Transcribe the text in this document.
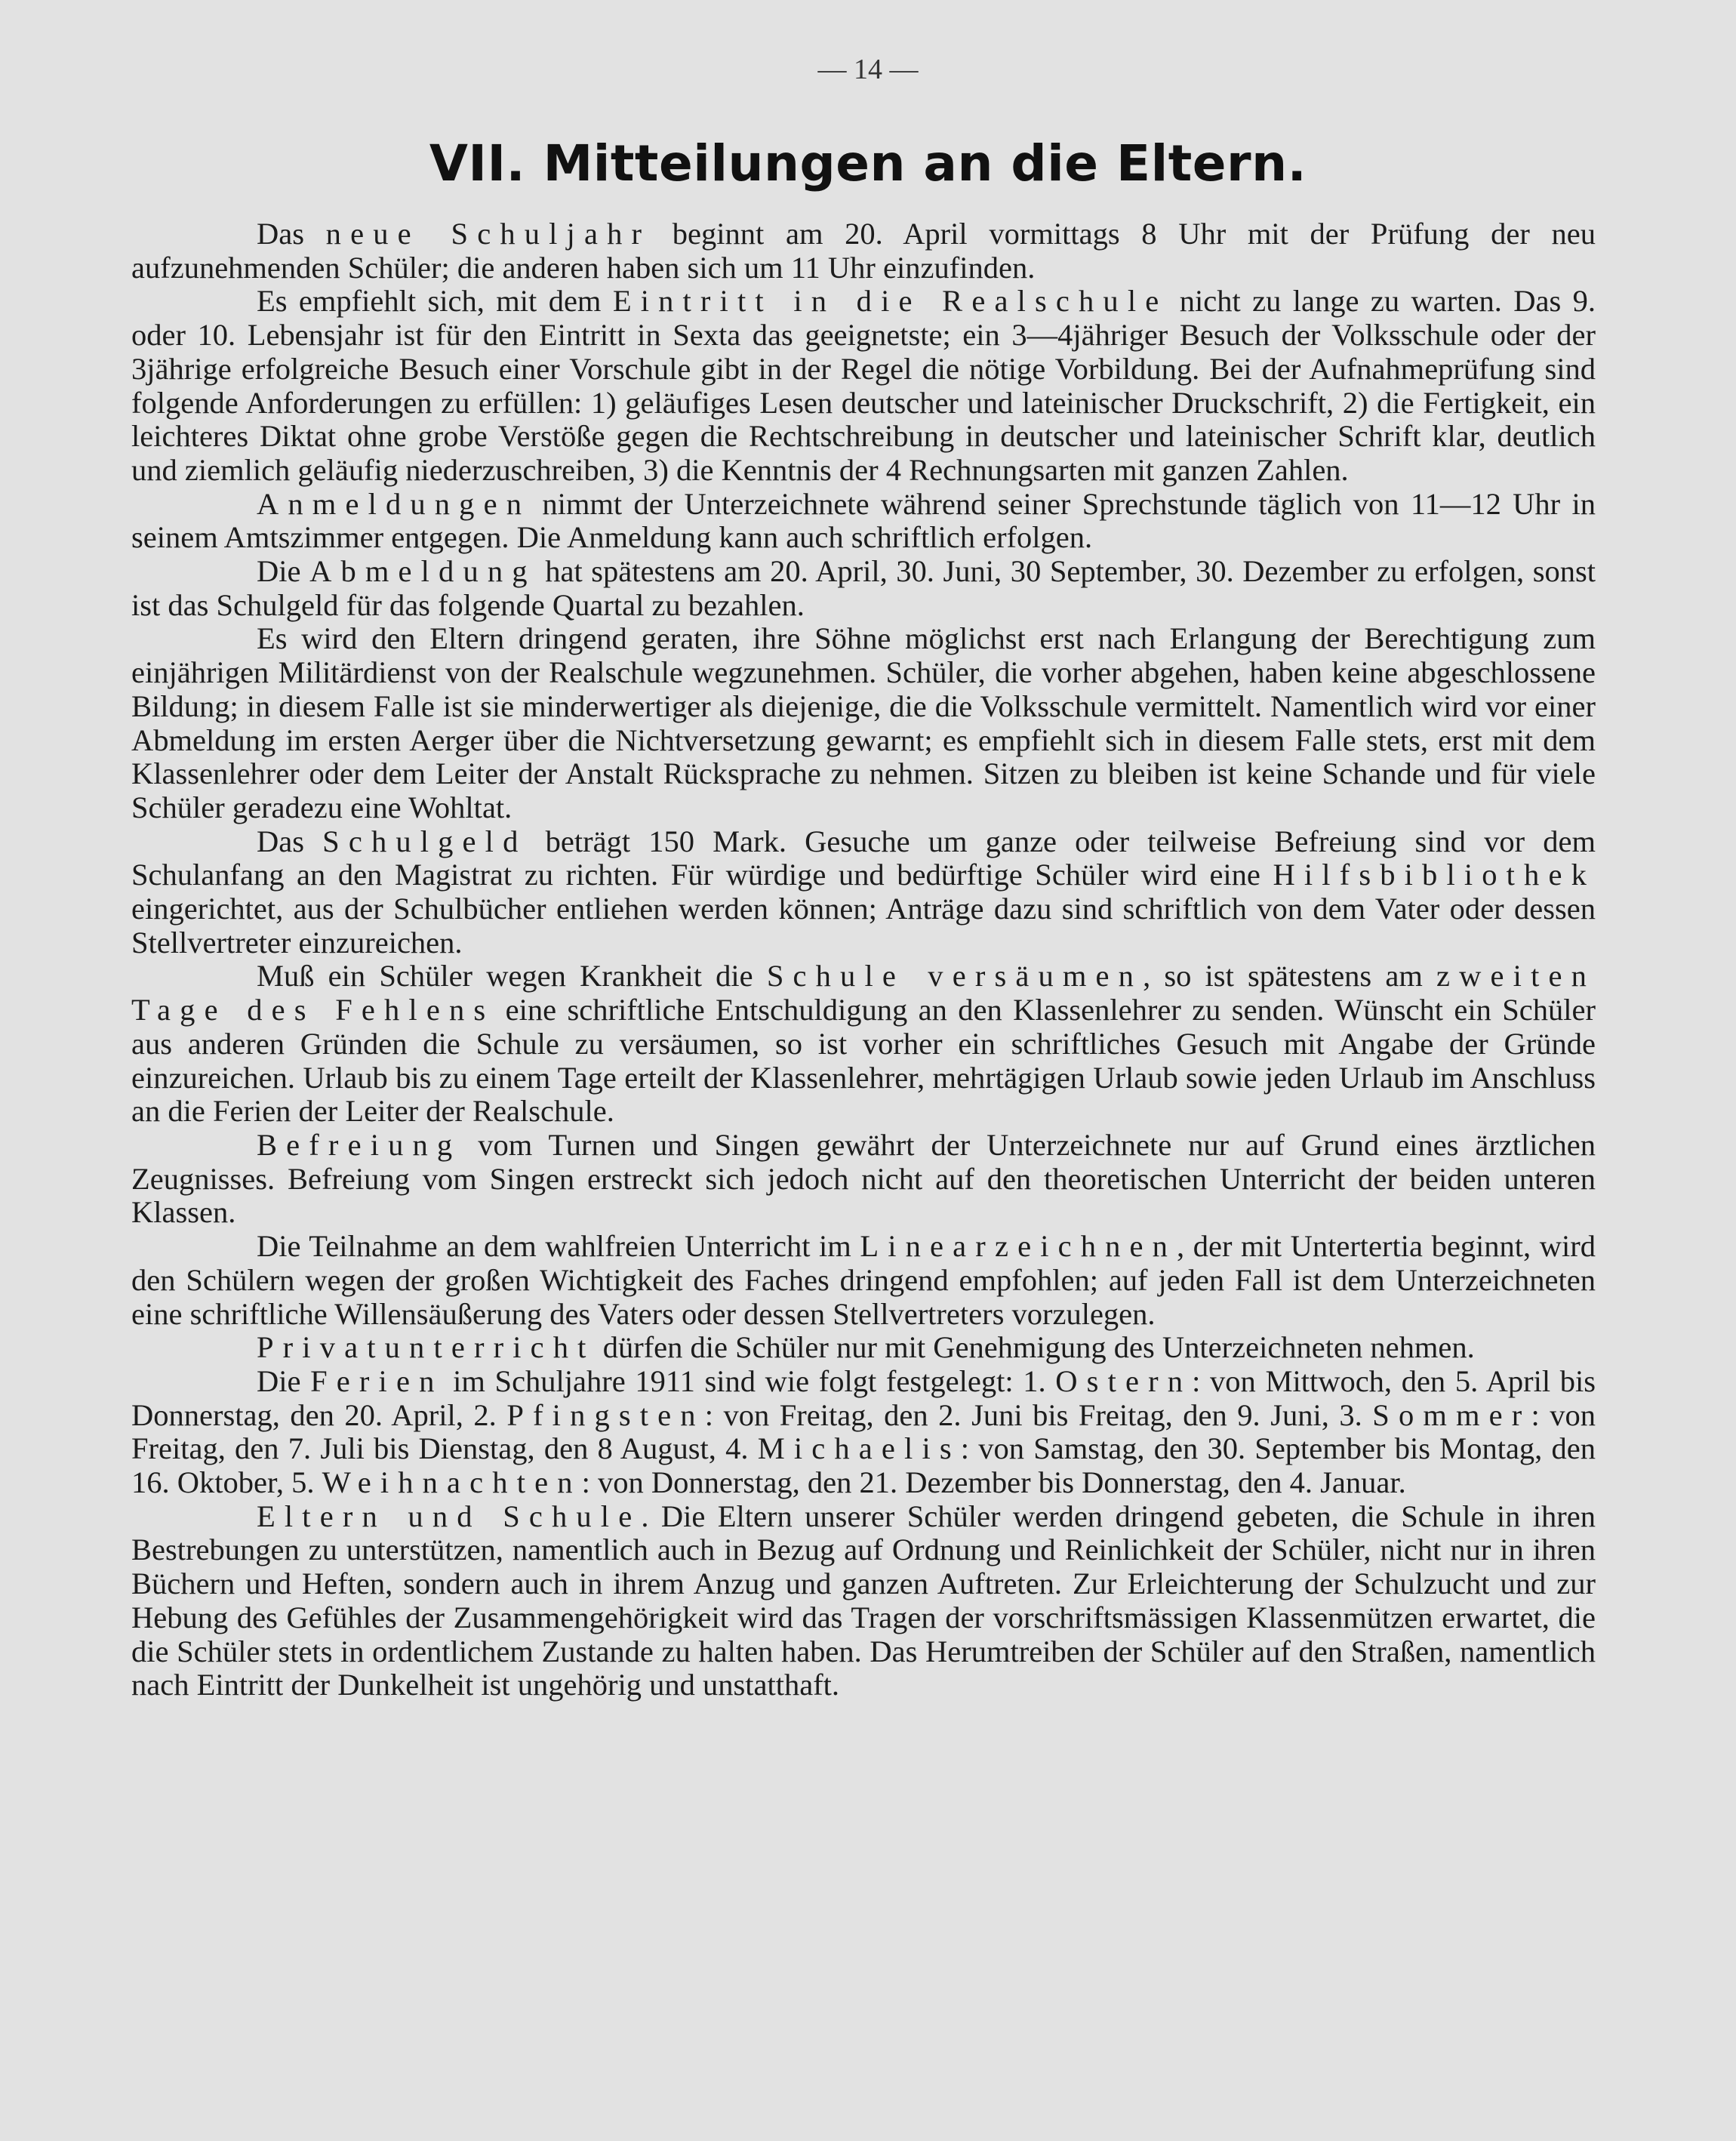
— 14 —
VII. Mitteilungen an die Eltern.

Das neue Schuljahr beginnt am 20. April vormittags 8 Uhr mit der Prüfung der neu aufzunehmenden Schüler; die anderen haben sich um 11 Uhr einzufinden.

Es empfiehlt sich, mit dem Eintritt in die Realschule nicht zu lange zu warten. Das 9. oder 10. Lebensjahr ist für den Eintritt in Sexta das geeignetste; ein 3—4jähriger Besuch der Volksschule oder der 3jährige erfolgreiche Besuch einer Vorschule gibt in der Regel die nötige Vorbildung. Bei der Aufnahmeprüfung sind folgende Anforderungen zu erfüllen: 1) geläufiges Lesen deutscher und lateinischer Druckschrift, 2) die Fertigkeit, ein leichteres Diktat ohne grobe Verstöße gegen die Rechtschreibung in deutscher und lateinischer Schrift klar, deutlich und ziemlich geläufig niederzuschreiben, 3) die Kenntnis der 4 Rechnungsarten mit ganzen Zahlen.

Anmeldungen nimmt der Unterzeichnete während seiner Sprechstunde täglich von 11—12 Uhr in seinem Amtszimmer entgegen. Die Anmeldung kann auch schriftlich erfolgen.

Die Abmeldung hat spätestens am 20. April, 30. Juni, 30 September, 30. Dezember zu erfolgen, sonst ist das Schulgeld für das folgende Quartal zu bezahlen.

Es wird den Eltern dringend geraten, ihre Söhne möglichst erst nach Erlangung der Berechtigung zum einjährigen Militärdienst von der Realschule wegzunehmen. Schüler, die vorher abgehen, haben keine abgeschlossene Bildung; in diesem Falle ist sie minderwertiger als diejenige, die die Volksschule vermittelt. Namentlich wird vor einer Abmeldung im ersten Aerger über die Nichtversetzung gewarnt; es empfiehlt sich in diesem Falle stets, erst mit dem Klassenlehrer oder dem Leiter der Anstalt Rücksprache zu nehmen. Sitzen zu bleiben ist keine Schande und für viele Schüler geradezu eine Wohltat.

Das Schulgeld beträgt 150 Mark. Gesuche um ganze oder teilweise Befreiung sind vor dem Schulanfang an den Magistrat zu richten. Für würdige und bedürftige Schüler wird eine Hilfsbibliothek eingerichtet, aus der Schulbücher entliehen werden können; Anträge dazu sind schriftlich von dem Vater oder dessen Stellvertreter einzureichen.

Muß ein Schüler wegen Krankheit die Schule versäumen, so ist spätestens am zweiten Tage des Fehlens eine schriftliche Entschuldigung an den Klassenlehrer zu senden. Wünscht ein Schüler aus anderen Gründen die Schule zu versäumen, so ist vorher ein schriftliches Gesuch mit Angabe der Gründe einzureichen. Urlaub bis zu einem Tage erteilt der Klassenlehrer, mehrtägigen Urlaub sowie jeden Urlaub im Anschluss an die Ferien der Leiter der Realschule.

Befreiung vom Turnen und Singen gewährt der Unterzeichnete nur auf Grund eines ärztlichen Zeugnisses. Befreiung vom Singen erstreckt sich jedoch nicht auf den theoretischen Unterricht der beiden unteren Klassen.

Die Teilnahme an dem wahlfreien Unterricht im Linearzeichnen, der mit Untertertia beginnt, wird den Schülern wegen der großen Wichtigkeit des Faches dringend empfohlen; auf jeden Fall ist dem Unterzeichneten eine schriftliche Willensäußerung des Vaters oder dessen Stellvertreters vorzulegen.

Privatunterricht dürfen die Schüler nur mit Genehmigung des Unterzeichneten nehmen.

Die Ferien im Schuljahre 1911 sind wie folgt festgelegt: 1. Ostern: von Mittwoch, den 5. April bis Donnerstag, den 20. April, 2. Pfingsten: von Freitag, den 2. Juni bis Freitag, den 9. Juni, 3. Sommer: von Freitag, den 7. Juli bis Dienstag, den 8 August, 4. Michaelis: von Samstag, den 30. September bis Montag, den 16. Oktober, 5. Weihnachten: von Donnerstag, den 21. Dezember bis Donnerstag, den 4. Januar.

Eltern und Schule. Die Eltern unserer Schüler werden dringend gebeten, die Schule in ihren Bestrebungen zu unterstützen, namentlich auch in Bezug auf Ordnung und Reinlichkeit der Schüler, nicht nur in ihren Büchern und Heften, sondern auch in ihrem Anzug und ganzen Auftreten. Zur Erleichterung der Schulzucht und zur Hebung des Gefühles der Zusammengehörigkeit wird das Tragen der vorschriftsmässigen Klassenmützen erwartet, die die Schüler stets in ordentlichem Zustande zu halten haben. Das Herumtreiben der Schüler auf den Straßen, namentlich nach Eintritt der Dunkelheit ist ungehörig und unstatthaft.
